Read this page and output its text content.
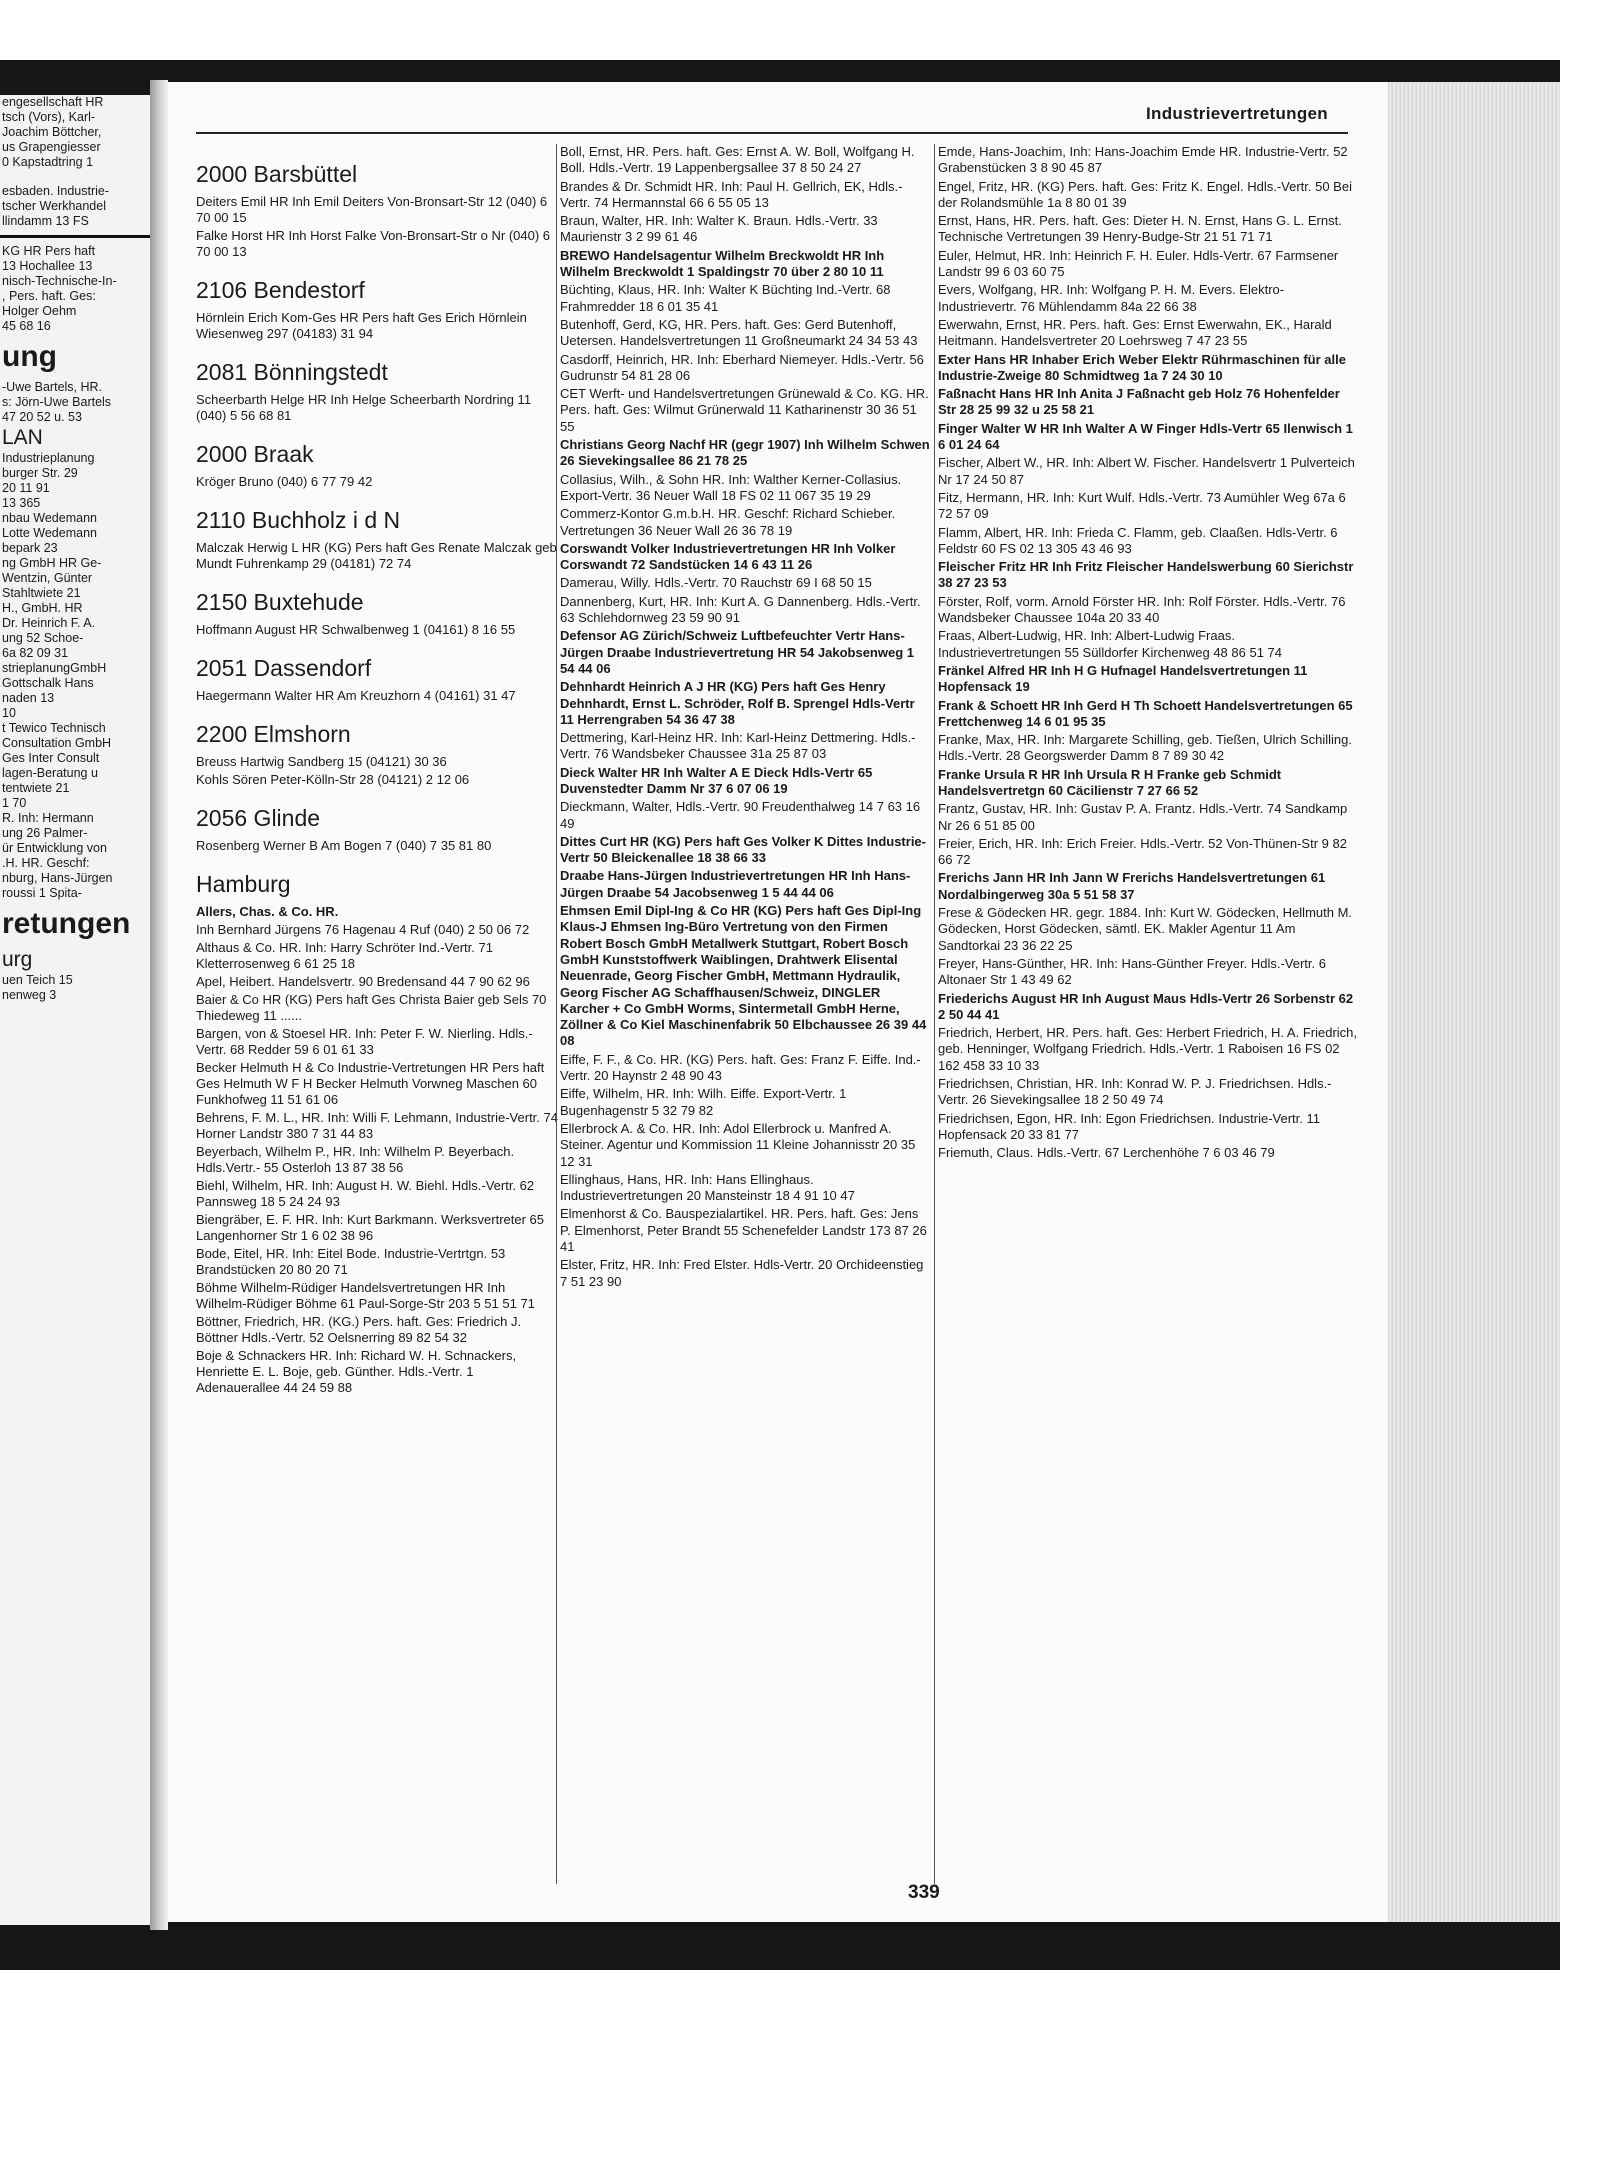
engesellschaft HR
tsch (Vors), Karl-
Joachim Böttcher,
us Grapengiesser
0 Kapstadtring 1
esbaden. Industrie-
tscher Werkhandel
llindamm 13 FS
KG HR Pers haft
13 Hochallee 13
nisch-Technische-In-
, Pers. haft. Ges:
Holger Oehm
45 68 16
ung
-Uwe Bartels, HR.
s: Jörn-Uwe Bartels
47 20 52 u. 53
LAN
Industrieplanung
burger Str. 29
20 11 91
13 365
nbau Wedemann
Lotte Wedemann
bepark 23
ng GmbH HR Ge-
Wentzin, Günter
Stahltwiete 21
H., GmbH. HR
Dr. Heinrich F. A.
ung 52 Schoe-
6a 82 09 31
strieplanungGmbH
Gottschalk Hans
naden 13
10
t Tewico Technisch
Consultation GmbH
Ges Inter Consult
lagen-Beratung u
tentwiete 21
1 70
R. Inh: Hermann
ung 26 Palmer-
ür Entwicklung von
.H. HR. Geschf:
nburg, Hans-Jürgen
roussi 1 Spita-
retungen
urg
uen Teich 15
nenweg 3
Industrievertretungen
2000 Barsbüttel
Deiters Emil HR Inh Emil Deiters Von-Bronsart-Str 12 (040) 6 70 00 15
Falke Horst HR Inh Horst Falke Von-Bronsart-Str o Nr (040) 6 70 00 13
2106 Bendestorf
Hörnlein Erich Kom-Ges HR Pers haft Ges Erich Hörnlein Wiesenweg 297 (04183) 31 94
2081 Bönningstedt
Scheerbarth Helge HR Inh Helge Scheerbarth Nordring 11 (040) 5 56 68 81
2000 Braak
Kröger Bruno (040) 6 77 79 42
2110 Buchholz i d N
Malczak Herwig L HR (KG) Pers haft Ges Renate Malczak geb Mundt Fuhrenkamp 29 (04181) 72 74
2150 Buxtehude
Hoffmann August HR Schwalbenweg 1 (04161) 8 16 55
2051 Dassendorf
Haegermann Walter HR Am Kreuzhorn 4 (04161) 31 47
2200 Elmshorn
Breuss Hartwig Sandberg 15 (04121) 30 36
Kohls Sören Peter-Kölln-Str 28 (04121) 2 12 06
2056 Glinde
Rosenberg Werner B Am Bogen 7 (040) 7 35 81 80
Hamburg
Allers, Chas. & Co. HR.
Inh Bernhard Jürgens 76 Hagenau 4 Ruf (040) 2 50 06 72
Althaus & Co. HR. Inh: Harry Schröter Ind.-Vertr. 71 Kletterrosenweg 6 61 25 18
Apel, Heibert. Handelsvertr. 90 Bredensand 44 7 90 62 96
Baier & Co HR (KG) Pers haft Ges Christa Baier geb Sels 70 Thiedeweg 11 ......
Bargen, von & Stoesel HR. Inh: Peter F. W. Nierling. Hdls.-Vertr. 68 Redder 59 6 01 61 33
Becker Helmuth H & Co Industrie-Vertretungen HR Pers haft Ges Helmuth W F H Becker Helmuth Vorwneg Maschen 60 Funkhofweg 11 51 61 06
Behrens, F. M. L., HR. Inh: Willi F. Lehmann, Industrie-Vertr. 74 Horner Landstr 380 7 31 44 83
Beyerbach, Wilhelm P., HR. Inh: Wilhelm P. Beyerbach. Hdls.Vertr.- 55 Osterloh 13 87 38 56
Biehl, Wilhelm, HR. Inh: August H. W. Biehl. Hdls.-Vertr. 62 Pannsweg 18 5 24 24 93
Biengräber, E. F. HR. Inh: Kurt Barkmann. Werksvertreter 65 Langenhorner Str 1 6 02 38 96
Bode, Eitel, HR. Inh: Eitel Bode. Industrie-Vertrtgn. 53 Brandstücken 20 80 20 71
Böhme Wilhelm-Rüdiger Handelsvertretungen HR Inh Wilhelm-Rüdiger Böhme 61 Paul-Sorge-Str 203 5 51 51 71
Böttner, Friedrich, HR. (KG.) Pers. haft. Ges: Friedrich J. Böttner Hdls.-Vertr. 52 Oelsnerring 89 82 54 32
Boje & Schnackers HR. Inh: Richard W. H. Schnackers, Henriette E. L. Boje, geb. Günther. Hdls.-Vertr. 1 Adenauerallee 44 24 59 88
Boll, Ernst, HR. Pers. haft. Ges: Ernst A. W. Boll, Wolfgang H. Boll. Hdls.-Vertr. 19 Lappenbergsallee 37 8 50 24 27
Brandes & Dr. Schmidt HR. Inh: Paul H. Gellrich, EK, Hdls.-Vertr. 74 Hermannstal 66 6 55 05 13
Braun, Walter, HR. Inh: Walter K. Braun. Hdls.-Vertr. 33 Maurienstr 3 2 99 61 46
BREWO Handelsagentur Wilhelm Breckwoldt HR Inh Wilhelm Breckwoldt 1 Spaldingstr 70 über 2 80 10 11
Büchting, Klaus, HR. Inh: Walter K Büchting Ind.-Vertr. 68 Frahmredder 18 6 01 35 41
Butenhoff, Gerd, KG, HR. Pers. haft. Ges: Gerd Butenhoff, Uetersen. Handelsvertretungen 11 Großneumarkt 24 34 53 43
Casdorff, Heinrich, HR. Inh: Eberhard Niemeyer. Hdls.-Vertr. 56 Gudrunstr 54 81 28 06
CET Werft- und Handelsvertretungen Grünewald & Co. KG. HR. Pers. haft. Ges: Wilmut Grünerwald 11 Katharinenstr 30 36 51 55
Christians Georg Nachf HR (gegr 1907) Inh Wilhelm Schwen 26 Sievekingsallee 86 21 78 25
Collasius, Wilh., & Sohn HR. Inh: Walther Kerner-Collasius. Export-Vertr. 36 Neuer Wall 18 FS 02 11 067 35 19 29
Commerz-Kontor G.m.b.H. HR. Geschf: Richard Schieber. Vertretungen 36 Neuer Wall 26 36 78 19
Corswandt Volker Industrievertretungen HR Inh Volker Corswandt 72 Sandstücken 14 6 43 11 26
Damerau, Willy. Hdls.-Vertr. 70 Rauchstr 69 I 68 50 15
Dannenberg, Kurt, HR. Inh: Kurt A. G Dannenberg. Hdls.-Vertr. 63 Schlehdornweg 23 59 90 91
Defensor AG Zürich/Schweiz Luftbefeuchter Vertr Hans-Jürgen Draabe Industrievertretung HR 54 Jakobsenweg 1 54 44 06
Dehnhardt Heinrich A J HR (KG) Pers haft Ges Henry Dehnhardt, Ernst L. Schröder, Rolf B. Sprengel Hdls-Vertr 11 Herrengraben 54 36 47 38
Dettmering, Karl-Heinz HR. Inh: Karl-Heinz Dettmering. Hdls.-Vertr. 76 Wandsbeker Chaussee 31a 25 87 03
Dieck Walter HR Inh Walter A E Dieck Hdls-Vertr 65 Duvenstedter Damm Nr 37 6 07 06 19
Dieckmann, Walter, Hdls.-Vertr. 90 Freudenthalweg 14 7 63 16 49
Dittes Curt HR (KG) Pers haft Ges Volker K Dittes Industrie-Vertr 50 Bleickenallee 18 38 66 33
Draabe Hans-Jürgen Industrievertretungen HR Inh Hans-Jürgen Draabe 54 Jacobsenweg 1 5 44 44 06
Ehmsen Emil Dipl-Ing & Co HR (KG) Pers haft Ges Dipl-Ing Klaus-J Ehmsen Ing-Büro Vertretung von den Firmen Robert Bosch GmbH Metallwerk Stuttgart, Robert Bosch GmbH Kunststoffwerk Waiblingen, Drahtwerk Elisental Neuenrade, Georg Fischer GmbH, Mettmann Hydraulik, Georg Fischer AG Schaffhausen/Schweiz, DINGLER Karcher + Co GmbH Worms, Sintermetall GmbH Herne, Zöllner & Co Kiel Maschinenfabrik 50 Elbchaussee 26 39 44 08
Eiffe, F. F., & Co. HR. (KG) Pers. haft. Ges: Franz F. Eiffe. Ind.-Vertr. 20 Haynstr 2 48 90 43
Eiffe, Wilhelm, HR. Inh: Wilh. Eiffe. Export-Vertr. 1 Bugenhagenstr 5 32 79 82
Ellerbrock A. & Co. HR. Inh: Adol Ellerbrock u. Manfred A. Steiner. Agentur und Kommission 11 Kleine Johannisstr 20 35 12 31
Ellinghaus, Hans, HR. Inh: Hans Ellinghaus. Industrievertretungen 20 Mansteinstr 18 4 91 10 47
Elmenhorst & Co. Bauspezialartikel. HR. Pers. haft. Ges: Jens P. Elmenhorst, Peter Brandt 55 Schenefelder Landstr 173 87 26 41
Elster, Fritz, HR. Inh: Fred Elster. Hdls-Vertr. 20 Orchideenstieg 7 51 23 90
Emde, Hans-Joachim, Inh: Hans-Joachim Emde HR. Industrie-Vertr. 52 Grabenstücken 3 8 90 45 87
Engel, Fritz, HR. (KG) Pers. haft. Ges: Fritz K. Engel. Hdls.-Vertr. 50 Bei der Rolandsmühle 1a 8 80 01 39
Ernst, Hans, HR. Pers. haft. Ges: Dieter H. N. Ernst, Hans G. L. Ernst. Technische Vertretungen 39 Henry-Budge-Str 21 51 71 71
Euler, Helmut, HR. Inh: Heinrich F. H. Euler. Hdls-Vertr. 67 Farmsener Landstr 99 6 03 60 75
Evers, Wolfgang, HR. Inh: Wolfgang P. H. M. Evers. Elektro-Industrievertr. 76 Mühlendamm 84a 22 66 38
Ewerwahn, Ernst, HR. Pers. haft. Ges: Ernst Ewerwahn, EK., Harald Heitmann. Handelsvertreter 20 Loehrsweg 7 47 23 55
Exter Hans HR Inhaber Erich Weber Elektr Rührmaschinen für alle Industrie-Zweige 80 Schmidtweg 1a 7 24 30 10
Faßnacht Hans HR Inh Anita J Faßnacht geb Holz 76 Hohenfelder Str 28 25 99 32 u 25 58 21
Finger Walter W HR Inh Walter A W Finger Hdls-Vertr 65 Ilenwisch 1 6 01 24 64
Fischer, Albert W., HR. Inh: Albert W. Fischer. Handelsvertr 1 Pulverteich Nr 17 24 50 87
Fitz, Hermann, HR. Inh: Kurt Wulf. Hdls.-Vertr. 73 Aumühler Weg 67a 6 72 57 09
Flamm, Albert, HR. Inh: Frieda C. Flamm, geb. Claaßen. Hdls-Vertr. 6 Feldstr 60 FS 02 13 305 43 46 93
Fleischer Fritz HR Inh Fritz Fleischer Handelswerbung 60 Sierichstr 38 27 23 53
Förster, Rolf, vorm. Arnold Förster HR. Inh: Rolf Förster. Hdls.-Vertr. 76 Wandsbeker Chaussee 104a 20 33 40
Fraas, Albert-Ludwig, HR. Inh: Albert-Ludwig Fraas. Industrievertretungen 55 Sülldorfer Kirchenweg 48 86 51 74
Fränkel Alfred HR Inh H G Hufnagel Handelsvertretungen 11 Hopfensack 19
Frank & Schoett HR Inh Gerd H Th Schoett Handelsvertretungen 65 Frettchenweg 14 6 01 95 35
Franke, Max, HR. Inh: Margarete Schilling, geb. Tießen, Ulrich Schilling. Hdls.-Vertr. 28 Georgswerder Damm 8 7 89 30 42
Franke Ursula R HR Inh Ursula R H Franke geb Schmidt Handelsvertretgn 60 Cäcilienstr 7 27 66 52
Frantz, Gustav, HR. Inh: Gustav P. A. Frantz. Hdls.-Vertr. 74 Sandkamp Nr 26 6 51 85 00
Freier, Erich, HR. Inh: Erich Freier. Hdls.-Vertr. 52 Von-Thünen-Str 9 82 66 72
Frerichs Jann HR Inh Jann W Frerichs Handelsvertretungen 61 Nordalbingerweg 30a 5 51 58 37
Frese & Gödecken HR. gegr. 1884. Inh: Kurt W. Gödecken, Hellmuth M. Gödecken, Horst Gödecken, sämtl. EK. Makler Agentur 11 Am Sandtorkai 23 36 22 25
Freyer, Hans-Günther, HR. Inh: Hans-Günther Freyer. Hdls.-Vertr. 6 Altonaer Str 1 43 49 62
Friederichs August HR Inh August Maus Hdls-Vertr 26 Sorbenstr 62 2 50 44 41
Friedrich, Herbert, HR. Pers. haft. Ges: Herbert Friedrich, H. A. Friedrich, geb. Henninger, Wolfgang Friedrich. Hdls.-Vertr. 1 Raboisen 16 FS 02 162 458 33 10 33
Friedrichsen, Christian, HR. Inh: Konrad W. P. J. Friedrichsen. Hdls.-Vertr. 26 Sievekingsallee 18 2 50 49 74
Friedrichsen, Egon, HR. Inh: Egon Friedrichsen. Industrie-Vertr. 11 Hopfensack 20 33 81 77
Friemuth, Claus. Hdls.-Vertr. 67 Lerchenhöhe 7 6 03 46 79
339
